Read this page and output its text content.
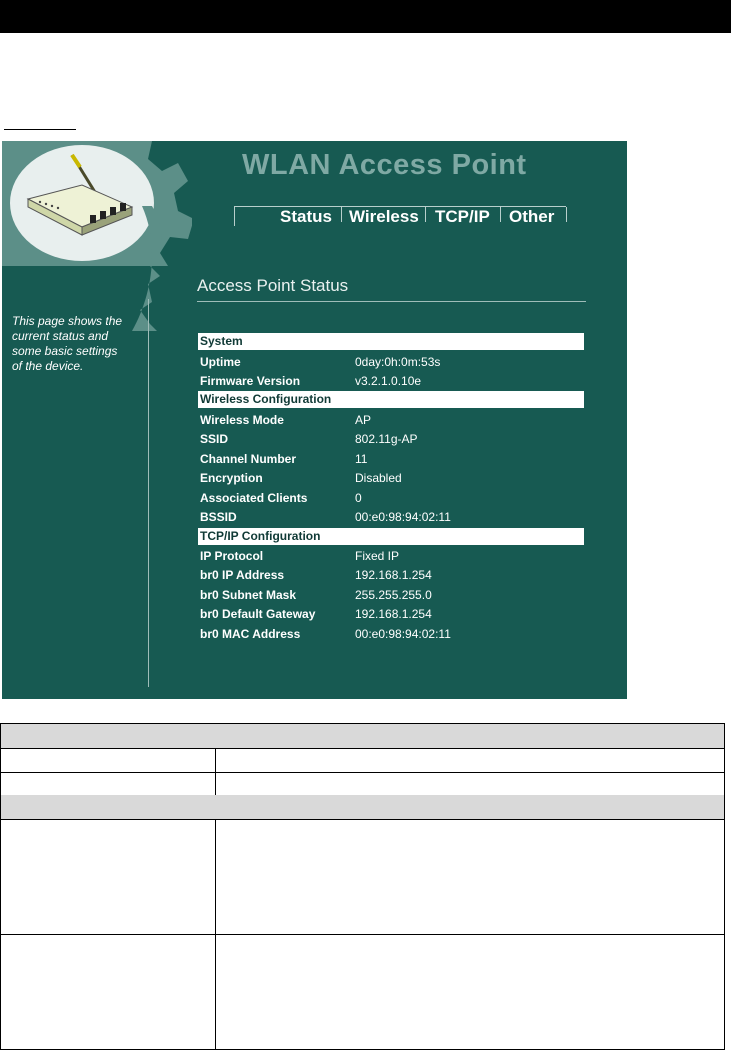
WLAN Access Point
Status Wireless TCP/IP Other
Access Point Status
This page shows the
current status and
some basic settings
of the device.
System
Uptime	0day:0h:0m:53s
Firmware Version	v3.2.1.0.10e
Wireless Configuration
Wireless Mode	AP
SSID	802.11g-AP
Channel Number	11
Encryption	Disabled
Associated Clients	0
BSSID	00:e0:98:94:02:11
TCP/IP Configuration
IP Protocol	Fixed IP
br0 IP Address	192.168.1.254
br0 Subnet Mask	255.255.255.0
br0 Default Gateway	192.168.1.254
br0 MAC Address	00:e0:98:94:02:11
